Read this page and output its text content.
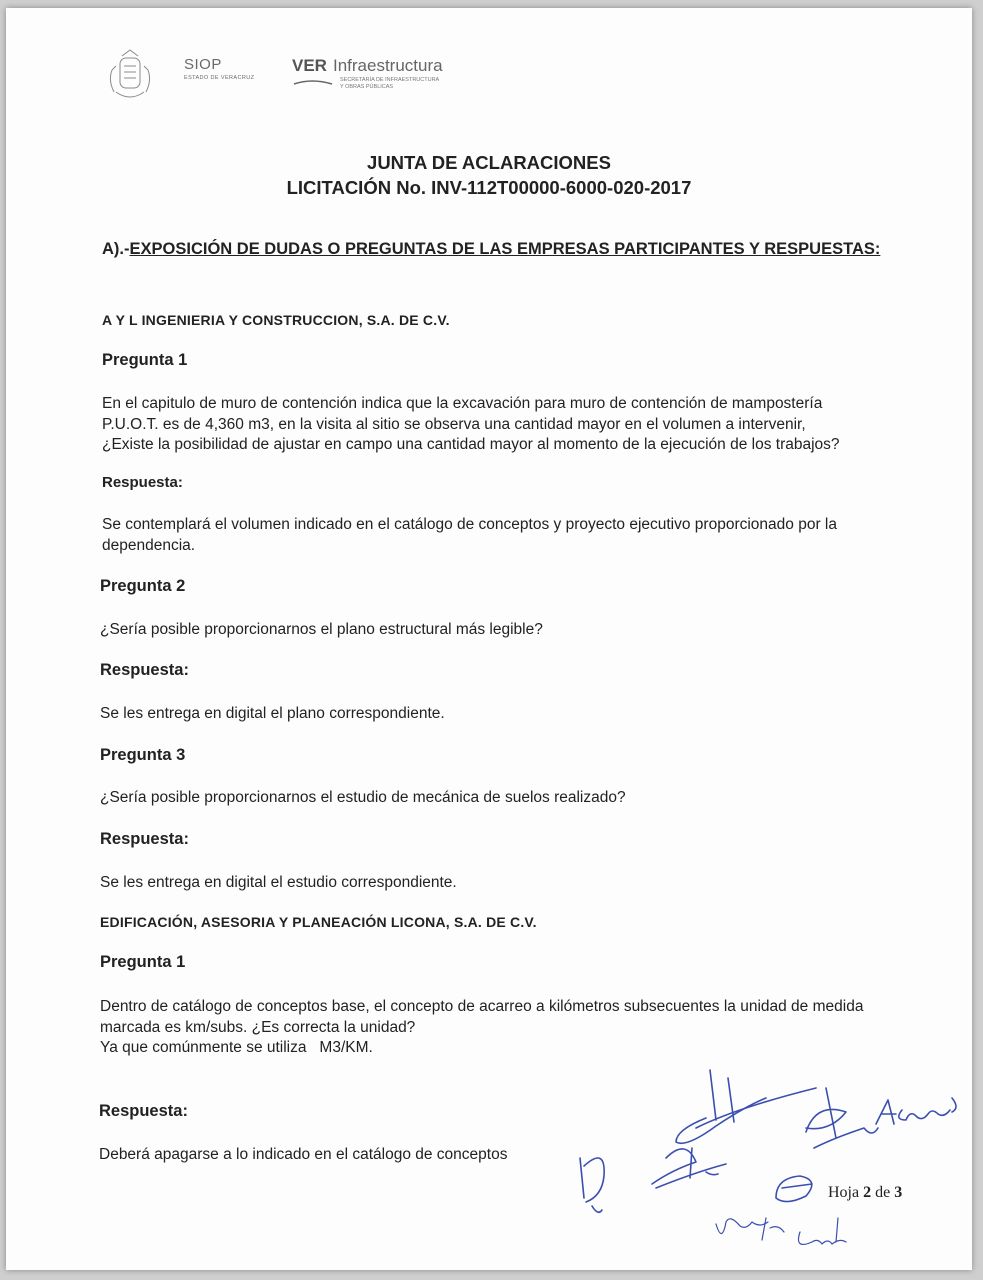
SIOP
ESTADO DE VERACRUZ
VER Infraestructura
SECRETARÍA DE INFRAESTRUCTURA
Y OBRAS PÚBLICAS
JUNTA DE ACLARACIONES
LICITACIÓN No. INV-112T00000-6000-020-2017
A).-EXPOSICIÓN DE DUDAS O PREGUNTAS DE LAS EMPRESAS PARTICIPANTES Y RESPUESTAS:
A Y L INGENIERIA Y CONSTRUCCION, S.A. DE C.V.
Pregunta 1
En el capitulo de muro de contención indica que la excavación para muro de contención de mampostería
P.U.O.T. es de 4,360 m3, en la visita al sitio se observa una cantidad mayor en el volumen a intervenir,
¿Existe la posibilidad de ajustar en campo una cantidad mayor al momento de la ejecución de los trabajos?
Respuesta:
Se contemplará el volumen indicado en el catálogo de conceptos y proyecto ejecutivo proporcionado por la
dependencia.
Pregunta 2
¿Sería posible proporcionarnos el plano estructural más legible?
Respuesta:
Se les entrega en digital el plano correspondiente.
Pregunta 3
¿Sería posible proporcionarnos el estudio de mecánica de suelos realizado?
Respuesta:
Se les entrega en digital el estudio correspondiente.
EDIFICACIÓN, ASESORIA Y PLANEACIÓN LICONA, S.A. DE C.V.
Pregunta 1
Dentro de catálogo de conceptos base, el concepto de acarreo a kilómetros subsecuentes la unidad de medida
marcada es km/subs. ¿Es correcta la unidad?
Ya que comúnmente se utiliza   M3/KM.
Respuesta:
Deberá apagarse a lo indicado en el catálogo de conceptos
Hoja 2 de 3
